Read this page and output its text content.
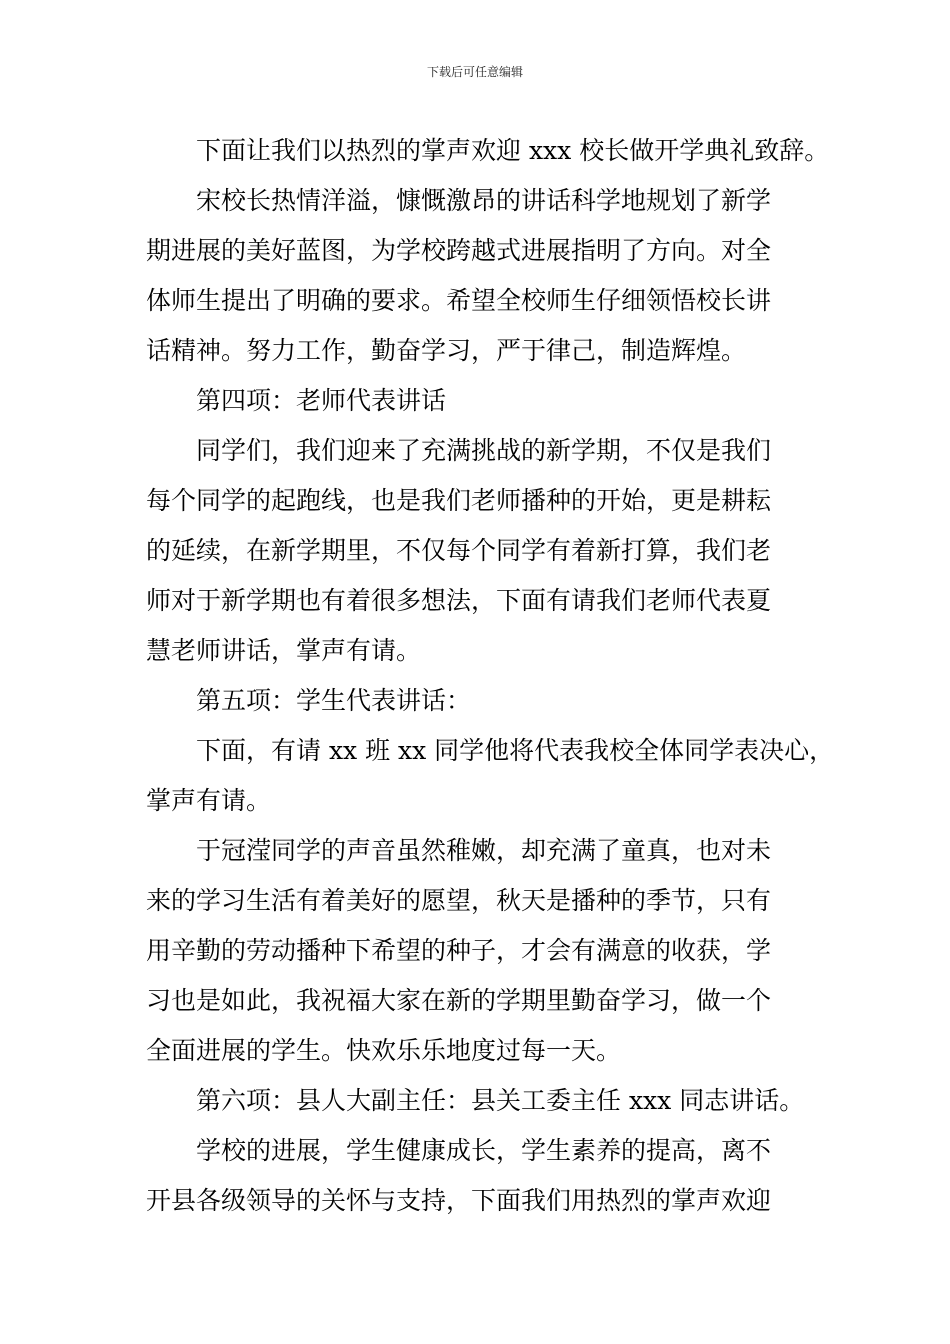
下载后可任意编辑
下面让我们以热烈的掌声欢迎 xxx 校长做开学典礼致辞。
宋校长热情洋溢，慷慨激昂的讲话科学地规划了新学
期进展的美好蓝图，为学校跨越式进展指明了方向。对全
体师生提出了明确的要求。希望全校师生仔细领悟校长讲
话精神。努力工作，勤奋学习，严于律己，制造辉煌。
第四项：老师代表讲话
同学们，我们迎来了充满挑战的新学期，不仅是我们
每个同学的起跑线，也是我们老师播种的开始，更是耕耘
的延续，在新学期里，不仅每个同学有着新打算，我们老
师对于新学期也有着很多想法，下面有请我们老师代表夏
慧老师讲话，掌声有请。
第五项：学生代表讲话：
下面，有请 xx 班 xx 同学他将代表我校全体同学表决心，
掌声有请。
于冠滢同学的声音虽然稚嫩，却充满了童真，也对未
来的学习生活有着美好的愿望，秋天是播种的季节，只有
用辛勤的劳动播种下希望的种子，才会有满意的收获，学
习也是如此，我祝福大家在新的学期里勤奋学习，做一个
全面进展的学生。快欢乐乐地度过每一天。
第六项：县人大副主任：县关工委主任 xxx 同志讲话。
学校的进展，学生健康成长，学生素养的提高，离不
开县各级领导的关怀与支持，下面我们用热烈的掌声欢迎
